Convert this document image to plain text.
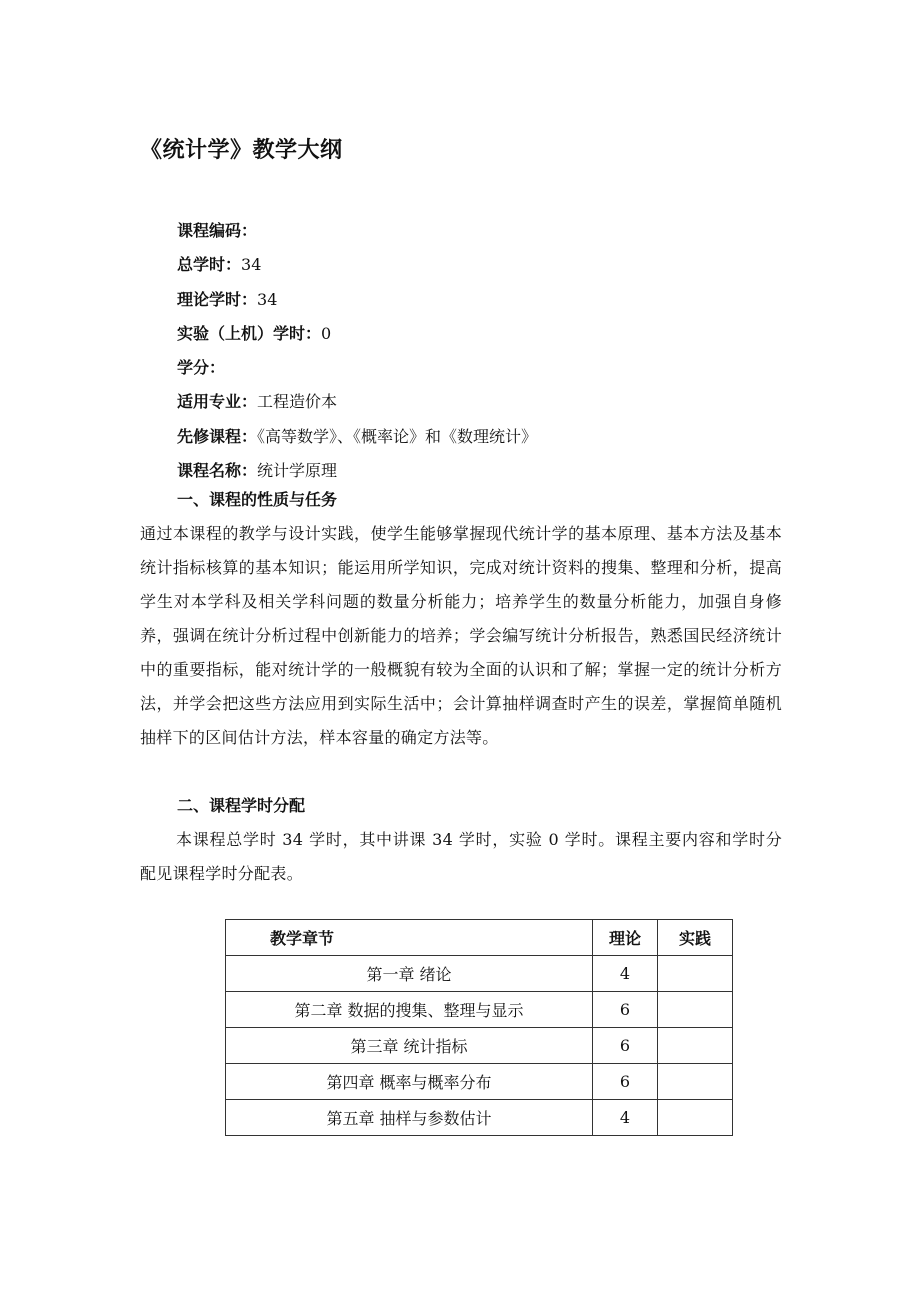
《统计学》教学大纲
课程编码：
总学时：34
理论学时：34
实验（上机）学时：0
学分：
适用专业：工程造价本
先修课程：《高等数学》、《概率论》和《数理统计》
课程名称：统计学原理
一、课程的性质与任务
通过本课程的教学与设计实践，使学生能够掌握现代统计学的基本原理、基本方法及基本统计指标核算的基本知识；能运用所学知识，完成对统计资料的搜集、整理和分析，提高学生对本学科及相关学科问题的数量分析能力；培养学生的数量分析能力，加强自身修养，强调在统计分析过程中创新能力的培养；学会编写统计分析报告，熟悉国民经济统计中的重要指标，能对统计学的一般概貌有较为全面的认识和了解；掌握一定的统计分析方法，并学会把这些方法应用到实际生活中；会计算抽样调查时产生的误差，掌握简单随机抽样下的区间估计方法，样本容量的确定方法等。
二、课程学时分配
本课程总学时 34 学时，其中讲课 34 学时，实验 0 学时。课程主要内容和学时分配见课程学时分配表。
教学章节	理论	实践
第一章 绪论	4	
第二章 数据的搜集、整理与显示	6	
第三章 统计指标	6	
第四章 概率与概率分布	6	
第五章 抽样与参数估计	4	
